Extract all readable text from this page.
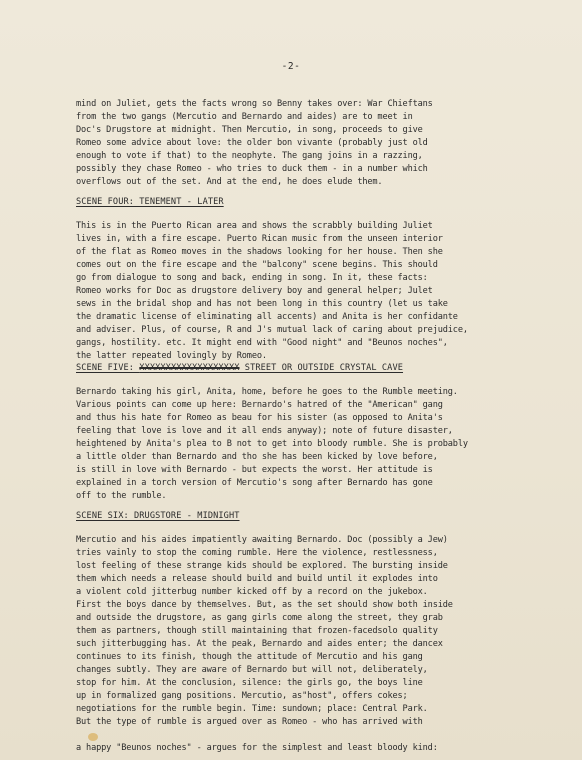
-2-
mind on Juliet, gets the facts wrong so Benny takes over: War Chieftans
from the two gangs (Mercutio and Bernardo and aides) are to meet in
Doc's Drugstore at midnight. Then Mercutio, in song, proceeds to give
Romeo some advice about love: the older bon vivante (probably just old
enough to vote if that) to the neophyte. The gang joins in a razzing,
possibly they chase Romeo - who tries to duck them - in a number which
overflows out of the set. And at the end, he does elude them.
SCENE FOUR: TENEMENT - LATER
This is in the Puerto Rican area and shows the scrabbly building Juliet
lives in, with a fire escape. Puerto Rican music from the unseen interior
of the flat as Romeo moves in the shadows looking for her house. Then she
comes out on the fire escape and the "balcony" scene begins. This should
go from dialogue to song and back, ending in song. In it, these facts:
Romeo works for Doc as drugstore delivery boy and general helper; Julet
sews in the bridal shop and has not been long in this country (let us take
the dramatic license of eliminating all accents) and Anita is her confidante
and adviser. Plus, of course, R and J's mutual lack of caring about prejudice,
gangs, hostility. etc. It might end with "Good night" and "Beunos noches",
the latter repeated lovingly by Romeo.
SCENE FIVE: XXXXXXXXXXXXXXXXXXX STREET OR OUTSIDE CRYSTAL CAVE
Bernardo taking his girl, Anita, home, before he goes to the Rumble meeting.
Various points can come up here: Bernardo's hatred of the "American" gang
and thus his hate for Romeo as beau for his sister (as opposed to Anita's
feeling that love is love and it all ends anyway); note of future disaster,
heightened by Anita's plea to B not to get into bloody rumble. She is probably
a little older than Bernardo and tho she has been kicked by love before,
is still in love with Bernardo - but expects the worst. Her attitude is
explained in a torch version of Mercutio's song after Bernardo has gone
off to the rumble.
SCENE SIX: DRUGSTORE - MIDNIGHT
Mercutio and his aides impatiently awaiting Bernardo. Doc (possibly a Jew)
tries vainly to stop the coming rumble. Here the violence, restlessness,
lost feeling of these strange kids should be explored. The bursting inside
them which needs a release should build and build until it explodes into
a violent cold jitterbug number kicked off by a record on the jukebox.
First the boys dance by themselves. But, as the set should show both inside
and outside the drugstore, as gang girls come along the street, they grab
them as partners, though still maintaining that frozen-facedsolo quality
such jitterbugging has. At the peak, Bernardo and aides enter; the dancex
continues to its finish, though the attitude of Mercutio and his gang
changes subtly. They are aware of Bernardo but will not, deliberately,
stop for him. At the conclusion, silence: the girls go, the boys line
up in formalized gang positions. Mercutio, as"host", offers cokes;
negotiations for the rumble begin. Time: sundown; place: Central Park.
But the type of rumble is argued over as Romeo - who has arrived with
a happy "Beunos noches" - argues for the simplest and least bloody kind:
